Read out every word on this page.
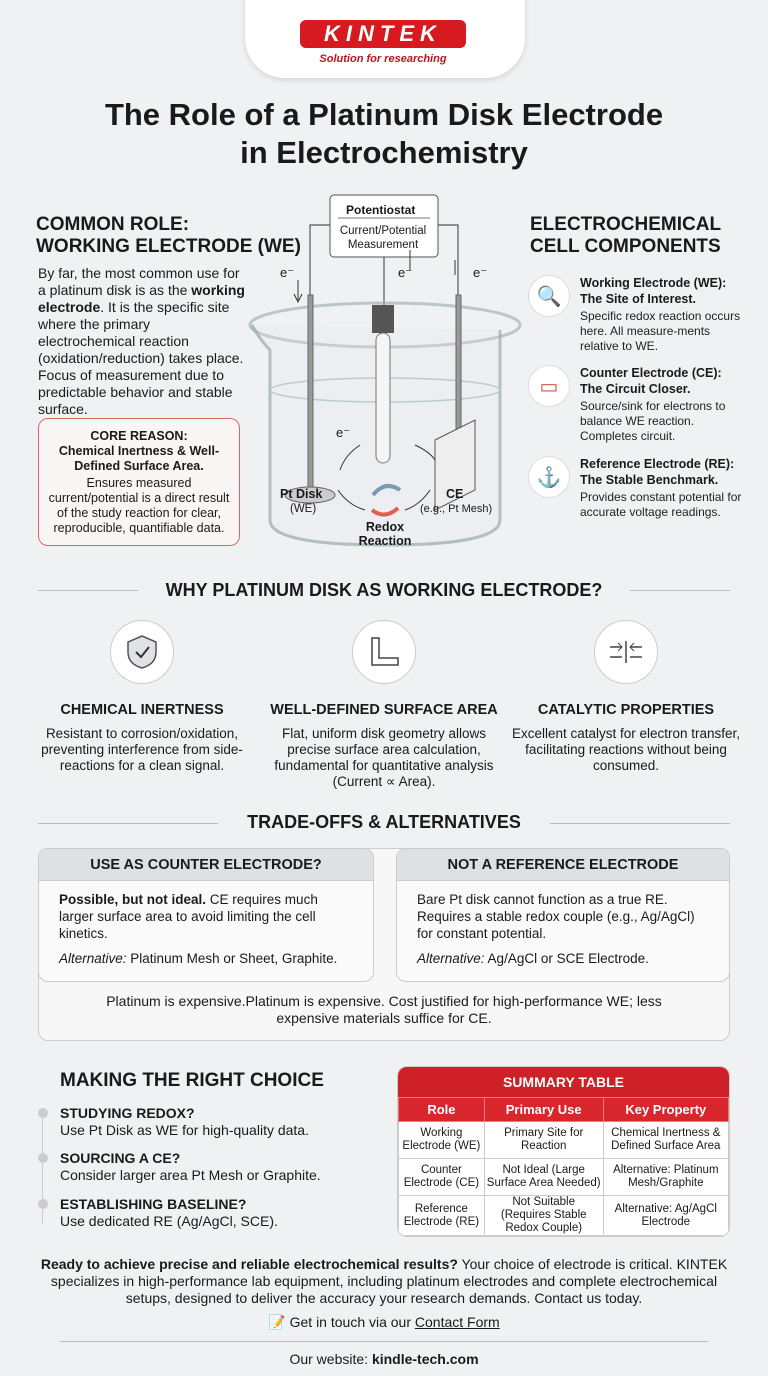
KINTEK
Solution for researching
The Role of a Platinum Disk Electrode
in Electrochemistry
COMMON ROLE:
WORKING ELECTRODE (WE)
By far, the most common use for a platinum disk is as the working electrode. It is the specific site where the primary electrochemical reaction (oxidation/reduction) takes place. Focus of measurement due to predictable behavior and stable surface.
CORE REASON:
Chemical Inertness & Well-Defined Surface Area.
Ensures measured current/potential is a direct result of the study reaction for clear, reproducible, quantifiable data.
Potentiostat
Current/Potential Measurement
e⁻	e⁻	e⁻
e⁻
Pt Disk
(WE)
CE
(e.g., Pt Mesh)
Redox
Reaction
ELECTROCHEMICAL
CELL COMPONENTS
🔍
Working Electrode (WE):
The Site of Interest.
Specific redox reaction occurs here. All measure-ments relative to WE.
▭
Counter Electrode (CE):
The Circuit Closer.
Source/sink for electrons to balance WE reaction. Completes circuit.
⚓
Reference Electrode (RE):
The Stable Benchmark.
Provides constant potential for accurate voltage readings.
WHY PLATINUM DISK AS WORKING ELECTRODE?
CHEMICAL INERTNESS
Resistant to corrosion/oxidation, preventing interference from side-reactions for a clean signal.
WELL-DEFINED SURFACE AREA
Flat, uniform disk geometry allows precise surface area calculation, fundamental for quantitative analysis (Current ∝ Area).
CATALYTIC PROPERTIES
Excellent catalyst for electron transfer, facilitating reactions without being consumed.
TRADE-OFFS & ALTERNATIVES
USE AS COUNTER ELECTRODE?
Possible, but not ideal. CE requires much larger surface area to avoid limiting the cell kinetics.
Alternative: Platinum Mesh or Sheet, Graphite.
NOT A REFERENCE ELECTRODE
Bare Pt disk cannot function as a true RE. Requires a stable redox couple (e.g., Ag/AgCl) for constant potential.
Alternative: Ag/AgCl or SCE Electrode.
Platinum is expensive.Platinum is expensive. Cost justified for high-performance WE; less expensive materials suffice for CE.
MAKING THE RIGHT CHOICE
STUDYING REDOX?
Use Pt Disk as WE for high-quality data.
SOURCING A CE?
Consider larger area Pt Mesh or Graphite.
ESTABLISHING BASELINE?
Use dedicated RE (Ag/AgCl, SCE).
SUMMARY TABLE
Role	Primary Use	Key Property
Working Electrode (WE)	Primary Site for Reaction	Chemical Inertness & Defined Surface Area
Counter Electrode (CE)	Not Ideal (Large Surface Area Needed)	Alternative: Platinum Mesh/Graphite
Reference Electrode (RE)	Not Suitable (Requires Stable Redox Couple)	Alternative: Ag/AgCl Electrode
Ready to achieve precise and reliable electrochemical results? Your choice of electrode is critical. KINTEK specializes in high-performance lab equipment, including platinum electrodes and complete electrochemical setups, designed to deliver the accuracy your research demands. Contact us today.
📝 Get in touch via our Contact Form
Our website: kindle-tech.com
